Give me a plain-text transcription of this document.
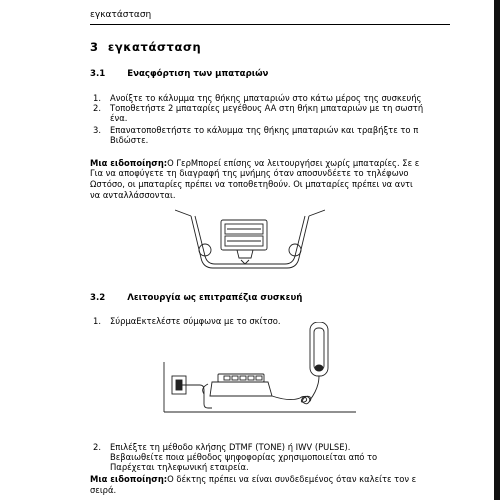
εγκατάσταση
3 εγκατάσταση
3.1	Εναςφόρτιση των μπαταριών
1. Ανοίξτε το κάλυμμα της θήκης μπαταριών στο κάτω μέρος της συσκευής
2. Τοποθετήστε 2 μπαταρίες μεγέθους AA στη θήκη μπαταριών με τη σωστή
ένα.
3. Επανατοποθετήστε το κάλυμμα της θήκης μπαταριών και τραβήξτε το π
Βιδώστε.
Μια ειδοποίηση:Ο ΓερΜπορεί επίσης να λειτουργήσει χωρίς μπαταρίες. Σε ε
Για να αποφύγετε τη διαγραφή της μνήμης όταν αποσυνδέετε το τηλέφωνο
Ωστόσο, οι μπαταρίες πρέπει να τοποθετηθούν. Οι μπαταρίες πρέπει να αντι
να ανταλλάσσονται.
3.2	Λειτουργία ως επιτραπέζια συσκευή
1. ΣύρμαΕκτελέστε σύμφωνα με το σκίτσο.
2. Επιλέξτε τη μέθοδο κλήσης DTMF (TONE) ή IWV (PULSE).
Βεβαιωθείτε ποια μέθοδος ψηφοφορίας χρησιμοποιείται από το
Παρέχεται τηλεφωνική εταιρεία.
Μια ειδοποίηση:Ο δέκτης πρέπει να είναι συνδεδεμένος όταν καλείτε τον ε
σειρά.
